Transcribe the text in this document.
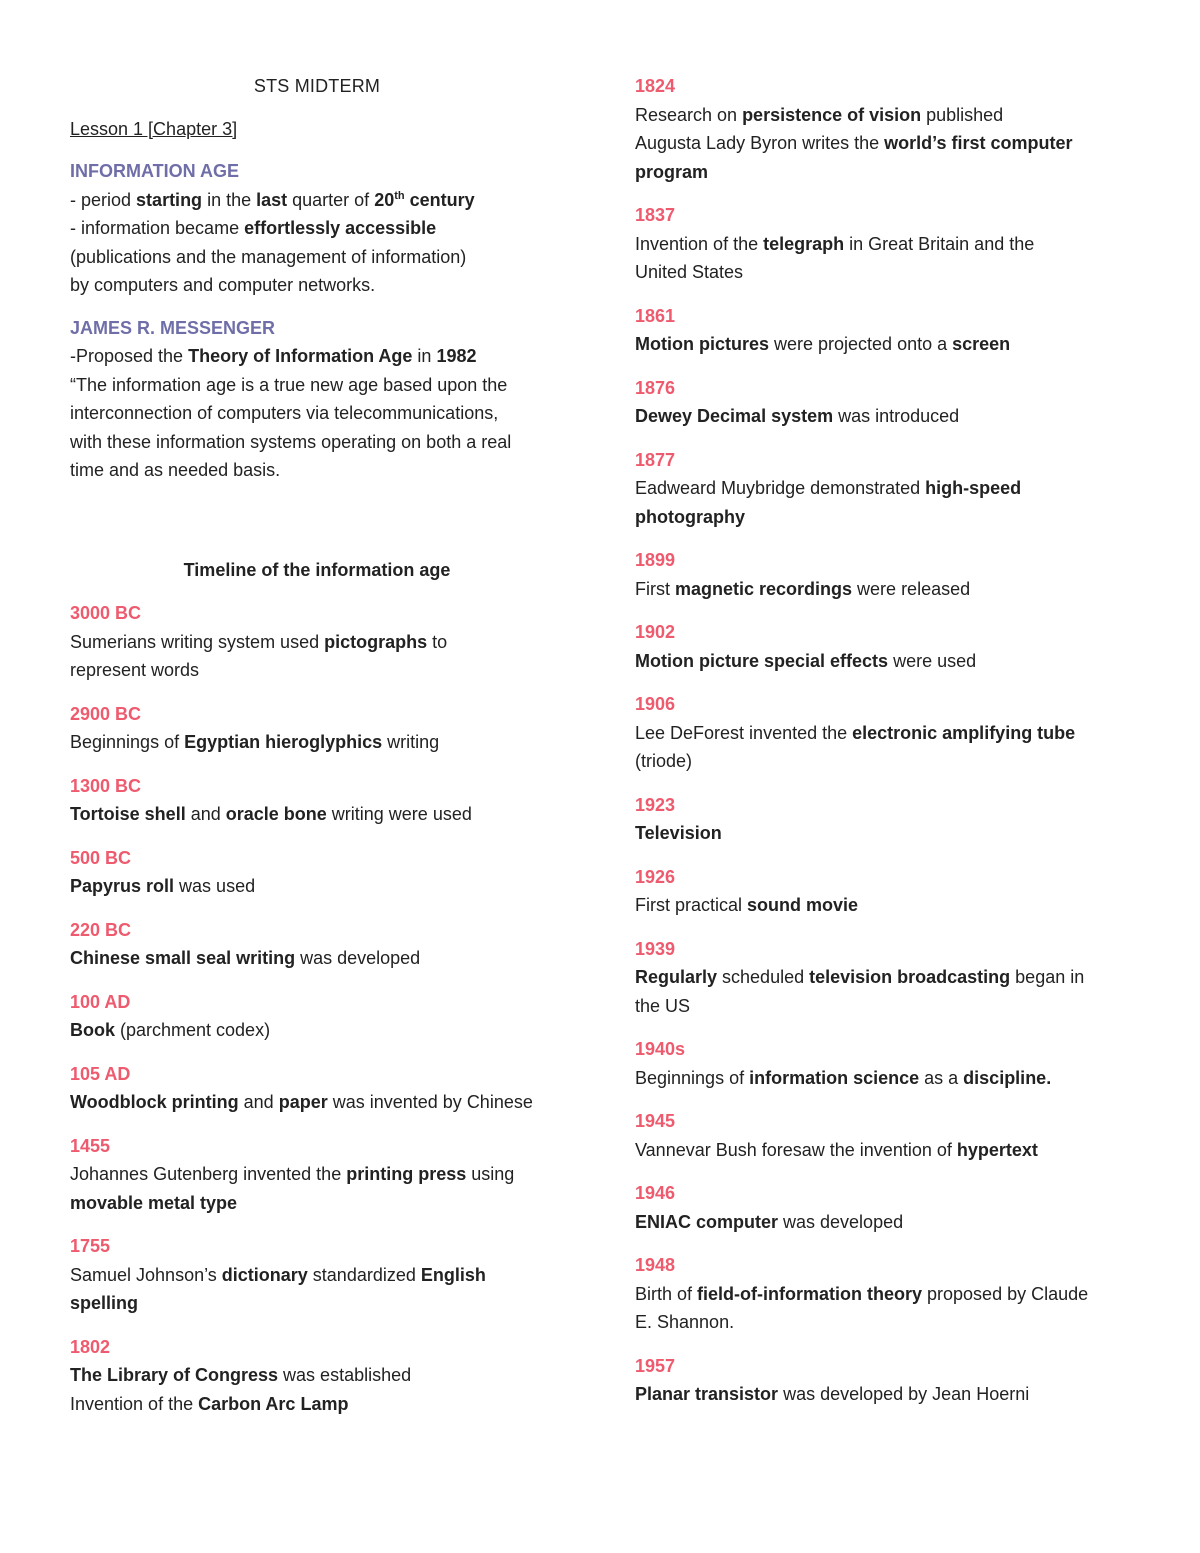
STS MIDTERM

Lesson 1 [Chapter 3]

INFORMATION AGE

- period starting in the last quarter of 20th century

- information became effortlessly accessible

(publications and the management of information)

by computers and computer networks.

JAMES R. MESSENGER

-Proposed the Theory of Information Age in 1982

“The information age is a true new age based upon the

interconnection of computers via telecommunications,

with these information systems operating on both a real

time and as needed basis.

Timeline of the information age

3000 BC

Sumerians writing system used pictographs to

represent words

2900 BC

Beginnings of Egyptian hieroglyphics writing

1300 BC

Tortoise shell and oracle bone writing were used

500 BC

Papyrus roll was used

220 BC

Chinese small seal writing was developed

100 AD

Book (parchment codex)

105 AD

Woodblock printing and paper was invented by Chinese

1455

Johannes Gutenberg invented the printing press using

movable metal type

1755

Samuel Johnson’s dictionary standardized English

spelling

1802

The Library of Congress was established

Invention of the Carbon Arc Lamp

1824

Research on persistence of vision published

Augusta Lady Byron writes the world’s first computer

program

1837

Invention of the telegraph in Great Britain and the

United States

1861

Motion pictures were projected onto a screen

1876

Dewey Decimal system was introduced

1877

Eadweard Muybridge demonstrated high-speed

photography

1899

First magnetic recordings were released

1902

Motion picture special effects were used

1906

Lee DeForest invented the electronic amplifying tube

(triode)

1923

Television

1926

First practical sound movie

1939

Regularly scheduled television broadcasting began in

the US

1940s

Beginnings of information science as a discipline.

1945

Vannevar Bush foresaw the invention of hypertext

1946

ENIAC computer was developed

1948

Birth of field-of-information theory proposed by Claude

E. Shannon.

1957

Planar transistor was developed by Jean Hoerni
